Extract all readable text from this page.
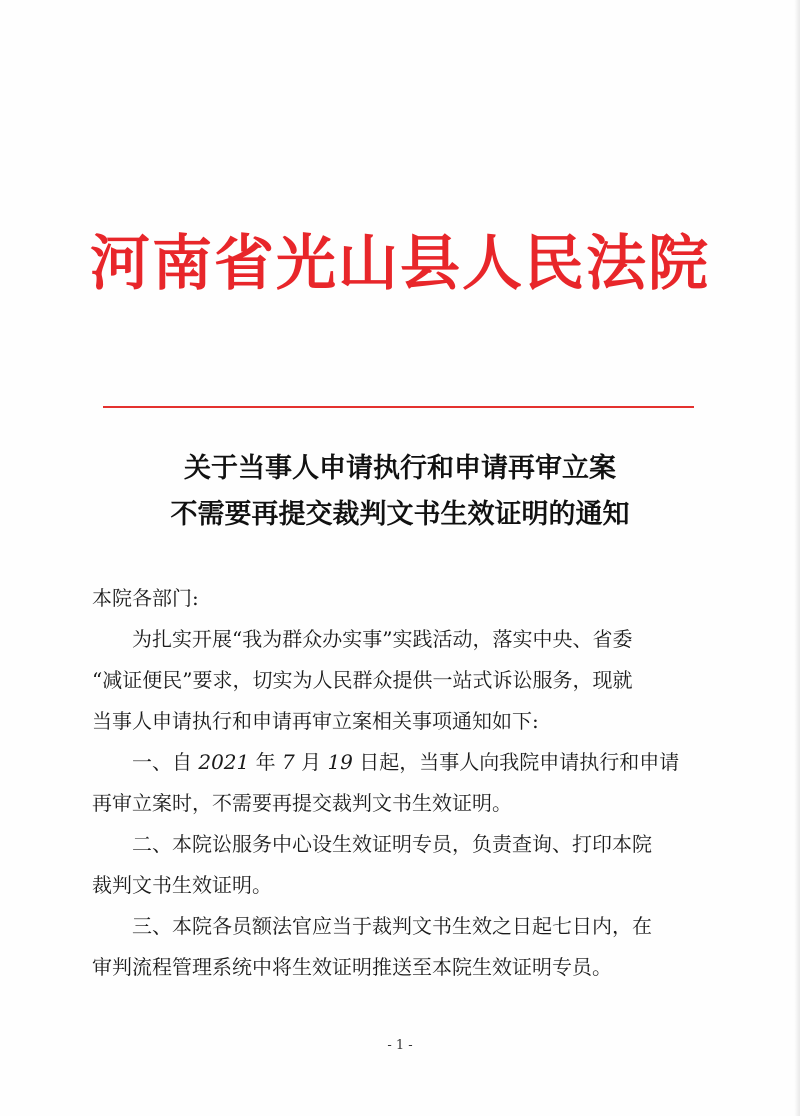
河南省光山县人民法院
关于当事人申请执行和申请再审立案
不需要再提交裁判文书生效证明的通知

本院各部门:

为扎实开展“我为群众办实事”实践活动，落实中央、省委

“减证便民”要求，切实为人民群众提供一站式诉讼服务，现就

当事人申请执行和申请再审立案相关事项通知如下:

一、自 2021 年 7 月 19 日起，当事人向我院申请执行和申请

再审立案时，不需要再提交裁判文书生效证明。

二、本院讼服务中心设生效证明专员，负责查询、打印本院

裁判文书生效证明。

三、本院各员额法官应当于裁判文书生效之日起七日内，在

审判流程管理系统中将生效证明推送至本院生效证明专员。

- 1 -
